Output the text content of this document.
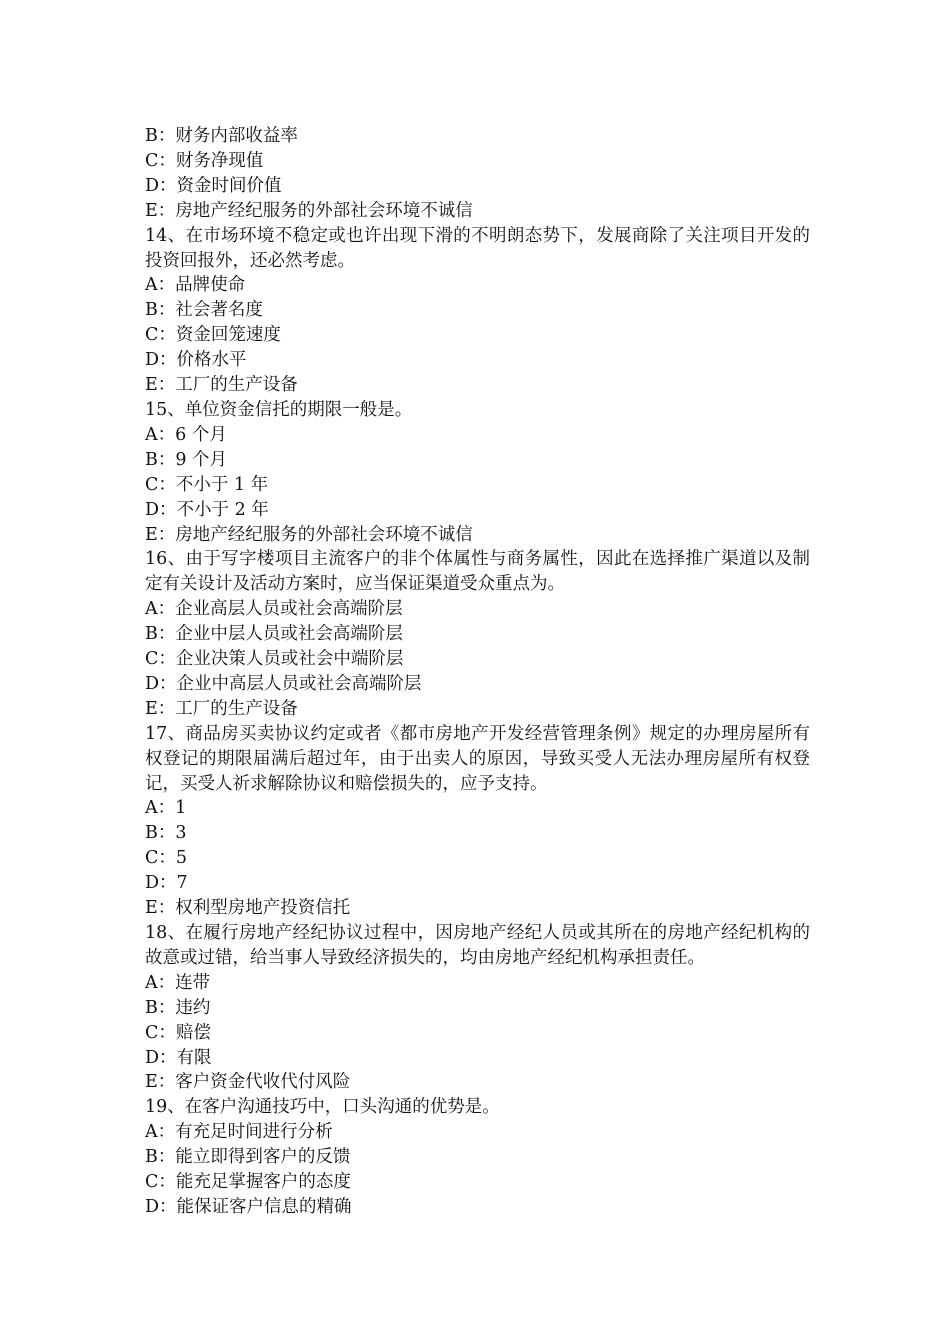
B：财务内部收益率
C：财务净现值
D：资金时间价值
E：房地产经纪服务的外部社会环境不诚信
14、在市场环境不稳定或也许出现下滑的不明朗态势下，发展商除了关注项目开发的投资回报外，还必然考虑。
A：品牌使命
B：社会著名度
C：资金回笼速度
D：价格水平
E：工厂的生产设备
15、单位资金信托的期限一般是。
A：6 个月
B：9 个月
C：不小于 1 年
D：不小于 2 年
E：房地产经纪服务的外部社会环境不诚信
16、由于写字楼项目主流客户的非个体属性与商务属性，因此在选择推广渠道以及制定有关设计及活动方案时，应当保证渠道受众重点为。
A：企业高层人员或社会高端阶层
B：企业中层人员或社会高端阶层
C：企业决策人员或社会中端阶层
D：企业中高层人员或社会高端阶层
E：工厂的生产设备
17、商品房买卖协议约定或者《都市房地产开发经营管理条例》规定的办理房屋所有权登记的期限届满后超过年，由于出卖人的原因，导致买受人无法办理房屋所有权登记，买受人祈求解除协议和赔偿损失的，应予支持。
A：1
B：3
C：5
D：7
E：权利型房地产投资信托
18、在履行房地产经纪协议过程中，因房地产经纪人员或其所在的房地产经纪机构的故意或过错，给当事人导致经济损失的，均由房地产经纪机构承担责任。
A：连带
B：违约
C：赔偿
D：有限
E：客户资金代收代付风险
19、在客户沟通技巧中，口头沟通的优势是。
A：有充足时间进行分析
B：能立即得到客户的反馈
C：能充足掌握客户的态度
D：能保证客户信息的精确
